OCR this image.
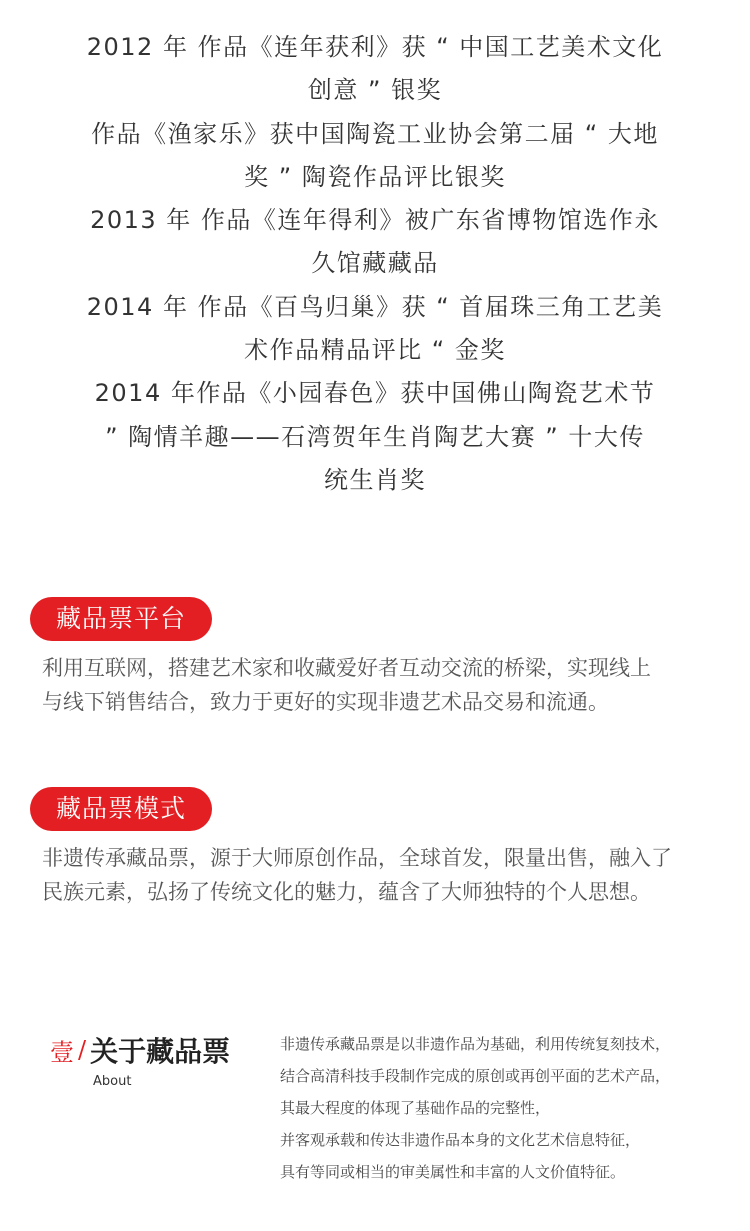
2012 年 作品《连年获利》获 “ 中国工艺美术文化
创意 ” 银奖
作品《渔家乐》获中国陶瓷工业协会第二届 “ 大地
奖 ” 陶瓷作品评比银奖
2013 年 作品《连年得利》被广东省博物馆选作永
久馆藏藏品
2014 年 作品《百鸟归巢》获 “ 首届珠三角工艺美
术作品精品评比 “ 金奖
2014 年作品《小园春色》获中国佛山陶瓷艺术节
” 陶情羊趣——石湾贺年生肖陶艺大赛 ” 十大传
统生肖奖
藏品票平台
利用互联网，搭建艺术家和收藏爱好者互动交流的桥梁，实现线上
与线下销售结合，致力于更好的实现非遗艺术品交易和流通。
藏品票模式
非遗传承藏品票，源于大师原创作品，全球首发，限量出售，融入了
民族元素，弘扬了传统文化的魅力，蕴含了大师独特的个人思想。
壹 / 关于藏品票
About
非遗传承藏品票是以非遗作品为基础，利用传统复刻技术，
结合高清科技手段制作完成的原创或再创平面的艺术产品，
其最大程度的体现了基础作品的完整性，
并客观承载和传达非遗作品本身的文化艺术信息特征，
具有等同或相当的审美属性和丰富的人文价值特征。
